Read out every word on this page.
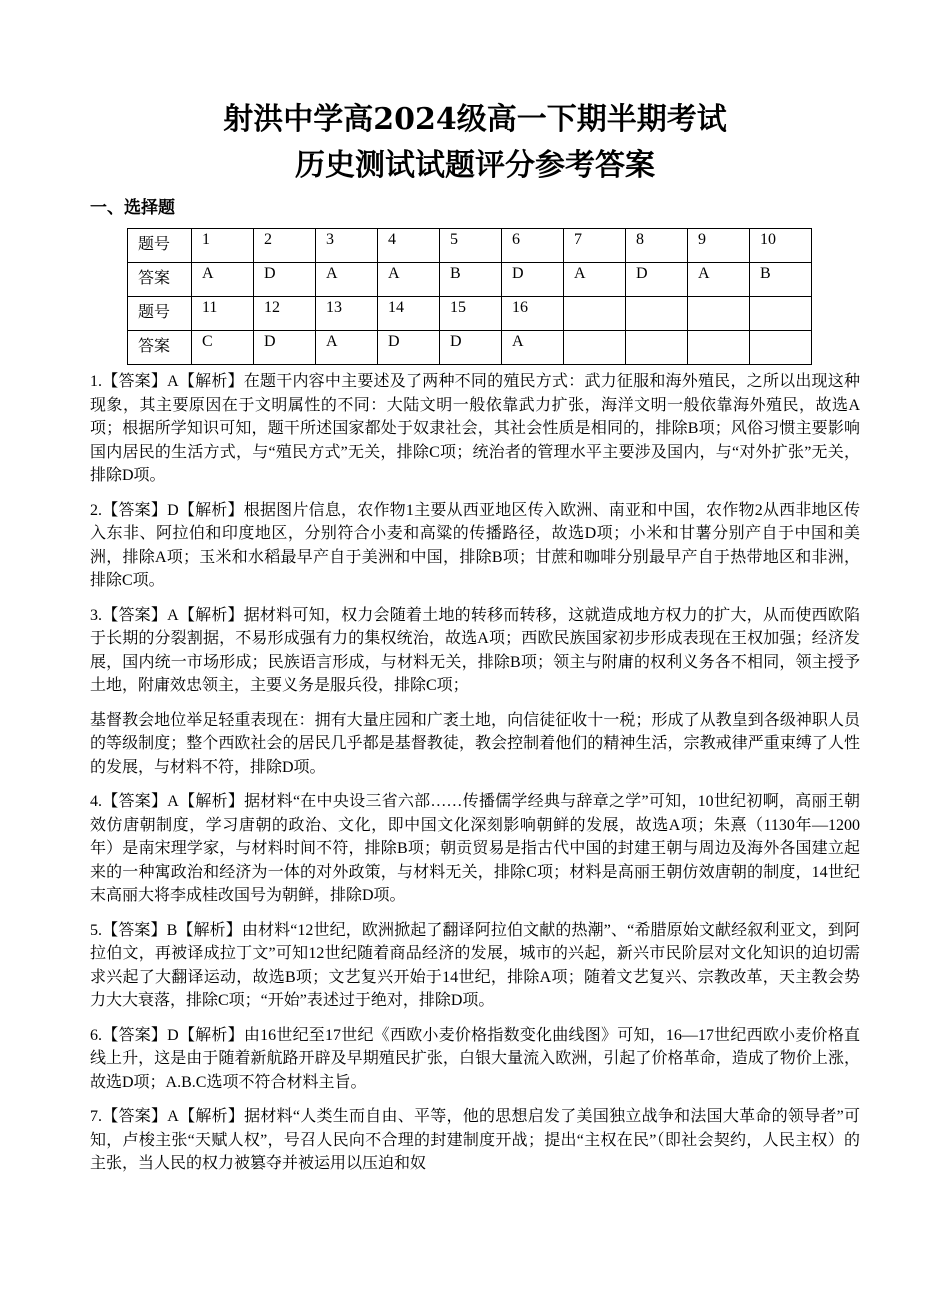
射洪中学高2024级高一下期半期考试
历史测试试题评分参考答案
一、选择题
题号	1	2	3	4	5	6	7	8	9	10
答案	A	D	A	A	B	D	A	D	A	B
题号	11	12	13	14	15	16				
答案	C	D	A	D	D	A				

1.【答案】A【解析】在题干内容中主要述及了两种不同的殖民方式：武力征服和海外殖民，之所以出现这种现象，其主要原因在于文明属性的不同：大陆文明一般依靠武力扩张，海洋文明一般依靠海外殖民，故选A项；根据所学知识可知，题干所述国家都处于奴隶社会，其社会性质是相同的，排除B项；风俗习惯主要影响国内居民的生活方式，与“殖民方式”无关，排除C项；统治者的管理水平主要涉及国内，与“对外扩张”无关，排除D项。

2.【答案】D【解析】根据图片信息，农作物1主要从西亚地区传入欧洲、南亚和中国，农作物2从西非地区传入东非、阿拉伯和印度地区，分别符合小麦和高粱的传播路径，故选D项；小米和甘薯分别产自于中国和美洲，排除A项；玉米和水稻最早产自于美洲和中国，排除B项；甘蔗和咖啡分别最早产自于热带地区和非洲，排除C项。

3.【答案】A【解析】据材料可知，权力会随着土地的转移而转移，这就造成地方权力的扩大，从而使西欧陷于长期的分裂割据，不易形成强有力的集权统治，故选A项；西欧民族国家初步形成表现在王权加强；经济发展，国内统一市场形成；民族语言形成，与材料无关，排除B项；领主与附庸的权利义务各不相同，领主授予土地，附庸效忠领主，主要义务是服兵役，排除C项；

基督教会地位举足轻重表现在：拥有大量庄园和广袤土地，向信徒征收十一税；形成了从教皇到各级神职人员的等级制度；整个西欧社会的居民几乎都是基督教徒，教会控制着他们的精神生活，宗教戒律严重束缚了人性的发展，与材料不符，排除D项。

4.【答案】A【解析】据材料“在中央设三省六部……传播儒学经典与辞章之学”可知，10世纪初啊，高丽王朝效仿唐朝制度，学习唐朝的政治、文化，即中国文化深刻影响朝鲜的发展，故选A项；朱熹（1130年—1200年）是南宋理学家，与材料时间不符，排除B项；朝贡贸易是指古代中国的封建王朝与周边及海外各国建立起来的一种寓政治和经济为一体的对外政策，与材料无关，排除C项；材料是高丽王朝仿效唐朝的制度，14世纪末高丽大将李成桂改国号为朝鲜，排除D项。

5.【答案】B【解析】由材料“12世纪，欧洲掀起了翻译阿拉伯文献的热潮”、“希腊原始文献经叙利亚文，到阿拉伯文，再被译成拉丁文”可知12世纪随着商品经济的发展，城市的兴起，新兴市民阶层对文化知识的迫切需求兴起了大翻译运动，故选B项；文艺复兴开始于14世纪，排除A项；随着文艺复兴、宗教改革，天主教会势力大大衰落，排除C项；“开始”表述过于绝对，排除D项。

6.【答案】D【解析】由16世纪至17世纪《西欧小麦价格指数变化曲线图》可知，16—17世纪西欧小麦价格直线上升，这是由于随着新航路开辟及早期殖民扩张，白银大量流入欧洲，引起了价格革命，造成了物价上涨，故选D项；A.B.C选项不符合材料主旨。

7.【答案】A【解析】据材料“人类生而自由、平等，他的思想启发了美国独立战争和法国大革命的领导者”可知，卢梭主张“天赋人权”，号召人民向不合理的封建制度开战；提出“主权在民”（即社会契约，人民主权）的主张，当人民的权力被篡夺并被运用以压迫和奴
